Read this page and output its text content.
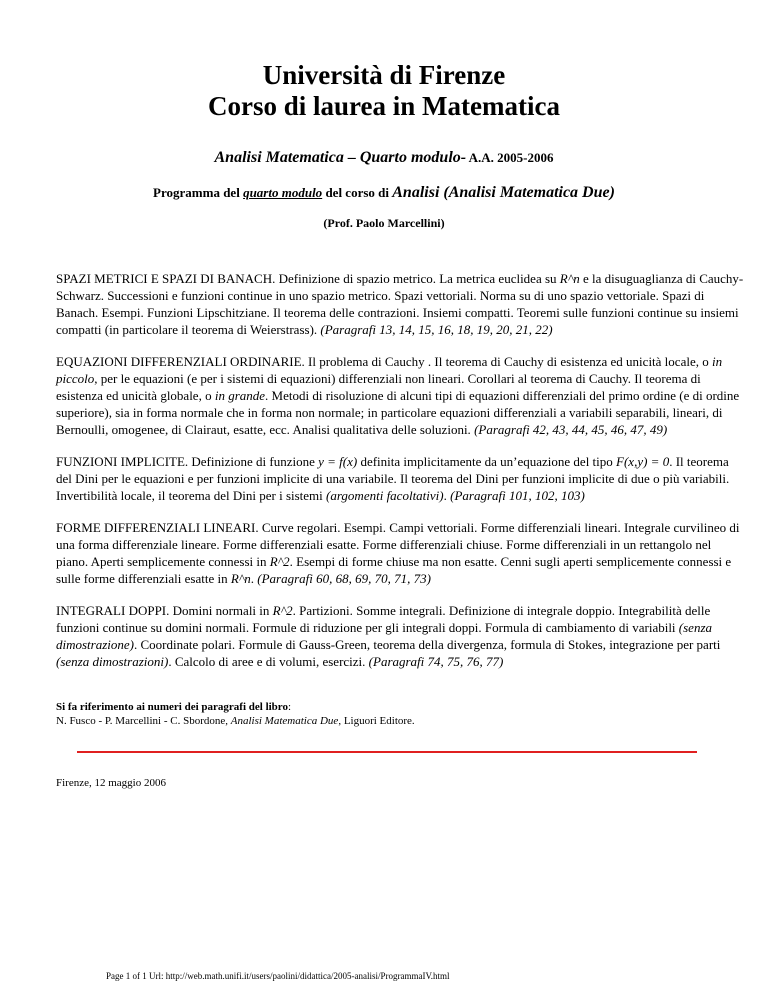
Università di Firenze
Corso di laurea in Matematica
Analisi Matematica – Quarto modulo- A.A. 2005-2006
Programma del quarto modulo del corso di Analisi (Analisi Matematica Due)
(Prof. Paolo Marcellini)

SPAZI METRICI E SPAZI DI BANACH. Definizione di spazio metrico. La metrica euclidea su R^n e la disuguaglianza di Cauchy-Schwarz. Successioni e funzioni continue in uno spazio metrico. Spazi vettoriali. Norma su di uno spazio vettoriale. Spazi di Banach. Esempi. Funzioni Lipschitziane. Il teorema delle contrazioni. Insiemi compatti. Teoremi sulle funzioni continue su insiemi compatti (in particolare il teorema di Weierstrass). (Paragrafi 13, 14, 15, 16, 18, 19, 20, 21, 22)

EQUAZIONI DIFFERENZIALI ORDINARIE. Il problema di Cauchy . Il teorema di Cauchy di esistenza ed unicità locale, o in piccolo, per le equazioni (e per i sistemi di equazioni) differenziali non lineari. Corollari al teorema di Cauchy. Il teorema di esistenza ed unicità globale, o in grande. Metodi di risoluzione di alcuni tipi di equazioni differenziali del primo ordine (e di ordine superiore), sia in forma normale che in forma non normale; in particolare equazioni differenziali a variabili separabili, lineari, di Bernoulli, omogenee, di Clairaut, esatte, ecc. Analisi qualitativa delle soluzioni. (Paragrafi 42, 43, 44, 45, 46, 47, 49)

FUNZIONI IMPLICITE. Definizione di funzione y = f(x) definita implicitamente da un’equazione del tipo F(x,y) = 0. Il teorema del Dini per le equazioni e per funzioni implicite di una variabile. Il teorema del Dini per funzioni implicite di due o più variabili. Invertibilità locale, il teorema del Dini per i sistemi (argomenti facoltativi). (Paragrafi 101, 102, 103)

FORME DIFFERENZIALI LINEARI. Curve regolari. Esempi. Campi vettoriali. Forme differenziali lineari. Integrale curvilineo di una forma differenziale lineare. Forme differenziali esatte. Forme differenziali chiuse. Forme differenziali in un rettangolo nel piano. Aperti semplicemente connessi in R^2. Esempi di forme chiuse ma non esatte. Cenni sugli aperti semplicemente connessi e sulle forme differenziali esatte in R^n. (Paragrafi 60, 68, 69, 70, 71, 73)

INTEGRALI DOPPI. Domini normali in R^2. Partizioni. Somme integrali. Definizione di integrale doppio. Integrabilità delle funzioni continue su domini normali. Formule di riduzione per gli integrali doppi. Formula di cambiamento di variabili (senza dimostrazione). Coordinate polari. Formule di Gauss-Green, teorema della divergenza, formula di Stokes, integrazione per parti (senza dimostrazioni). Calcolo di aree e di volumi, esercizi. (Paragrafi 74, 75, 76, 77)

Si fa riferimento ai numeri dei paragrafi del libro:
N. Fusco - P. Marcellini - C. Sbordone, Analisi Matematica Due, Liguori Editore.
Firenze, 12 maggio 2006
Page 1 of 1 Url: http://web.math.unifi.it/users/paolini/didattica/2005-analisi/ProgrammaIV.html
